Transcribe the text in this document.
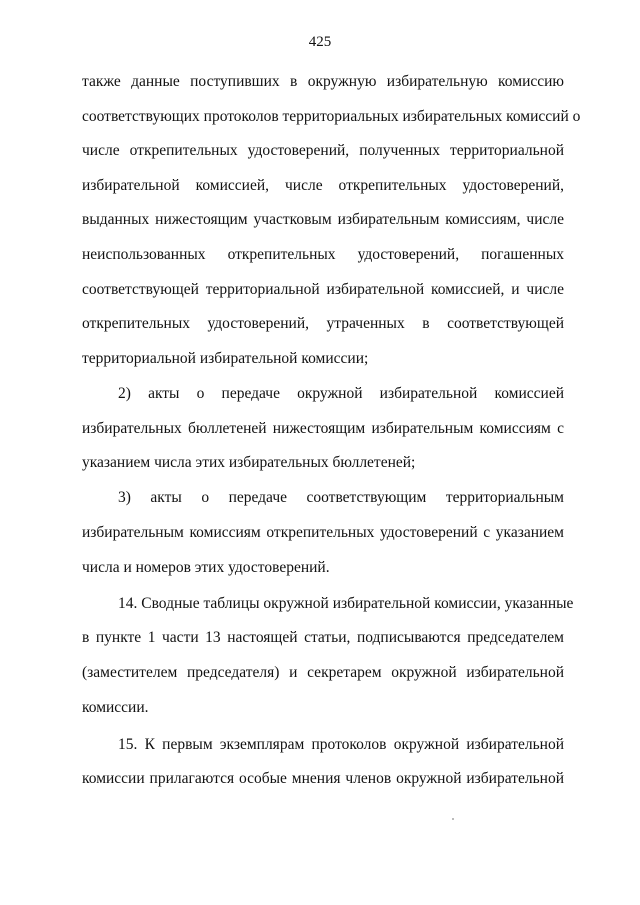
425
также данные поступивших в окружную избирательную комиссию
соответствующих протоколов территориальных избирательных комиссий о
числе открепительных удостоверений, полученных территориальной
избирательной комиссией, числе открепительных удостоверений,
выданных нижестоящим участковым избирательным комиссиям, числе
неиспользованных открепительных удостоверений, погашенных
соответствующей территориальной избирательной комиссией, и числе
открепительных удостоверений, утраченных в соответствующей
территориальной избирательной комиссии;
2) акты о передаче окружной избирательной комиссией
избирательных бюллетеней нижестоящим избирательным комиссиям с
указанием числа этих избирательных бюллетеней;
3) акты о передаче соответствующим территориальным
избирательным комиссиям открепительных удостоверений с указанием
числа и номеров этих удостоверений.
14. Сводные таблицы окружной избирательной комиссии, указанные
в пункте 1 части 13 настоящей статьи, подписываются председателем
(заместителем председателя) и секретарем окружной избирательной
комиссии.
15. К первым экземплярам протоколов окружной избирательной
комиссии прилагаются особые мнения членов окружной избирательной
